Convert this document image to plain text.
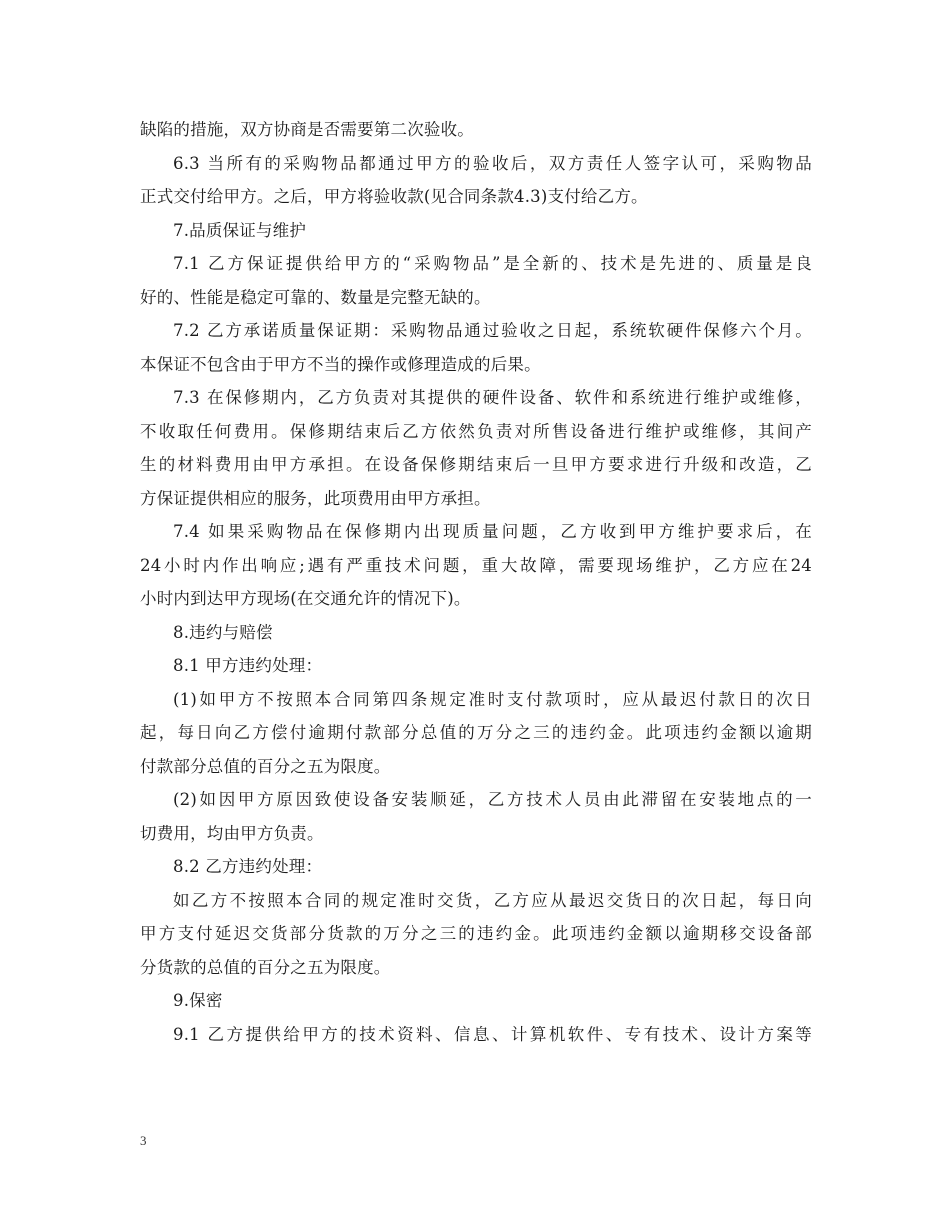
缺陷的措施，双方协商是否需要第二次验收。
6.3 当所有的采购物品都通过甲方的验收后，双方责任人签字认可，采购物品
正式交付给甲方。之后，甲方将验收款(见合同条款4.3)支付给乙方。
7.品质保证与维护
7.1 乙方保证提供给甲方的“采购物品”是全新的、技术是先进的、质量是良
好的、性能是稳定可靠的、数量是完整无缺的。
7.2 乙方承诺质量保证期：采购物品通过验收之日起，系统软硬件保修六个月。
本保证不包含由于甲方不当的操作或修理造成的后果。
7.3 在保修期内，乙方负责对其提供的硬件设备、软件和系统进行维护或维修，
不收取任何费用。保修期结束后乙方依然负责对所售设备进行维护或维修，其间产
生的材料费用由甲方承担。在设备保修期结束后一旦甲方要求进行升级和改造，乙
方保证提供相应的服务，此项费用由甲方承担。
7.4 如果采购物品在保修期内出现质量问题，乙方收到甲方维护要求后，在
24小时内作出响应;遇有严重技术问题，重大故障，需要现场维护，乙方应在24
小时内到达甲方现场(在交通允许的情况下)。
8.违约与赔偿
8.1 甲方违约处理：
(1)如甲方不按照本合同第四条规定准时支付款项时，应从最迟付款日的次日
起，每日向乙方偿付逾期付款部分总值的万分之三的违约金。此项违约金额以逾期
付款部分总值的百分之五为限度。
(2)如因甲方原因致使设备安装顺延，乙方技术人员由此滞留在安装地点的一
切费用，均由甲方负责。
8.2 乙方违约处理：
如乙方不按照本合同的规定准时交货，乙方应从最迟交货日的次日起，每日向
甲方支付延迟交货部分货款的万分之三的违约金。此项违约金额以逾期移交设备部
分货款的总值的百分之五为限度。
9.保密
9.1 乙方提供给甲方的技术资料、信息、计算机软件、专有技术、设计方案等
3
